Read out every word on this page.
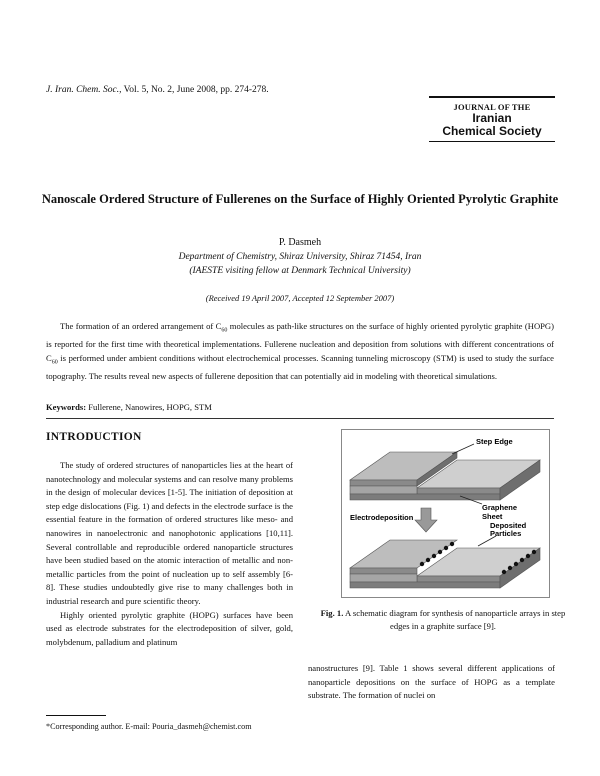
J. Iran. Chem. Soc., Vol. 5, No. 2, June 2008, pp. 274-278.
JOURNAL OF THE
Iranian
Chemical Society
Nanoscale Ordered Structure of Fullerenes on the Surface of Highly Oriented Pyrolytic Graphite
P. Dasmeh
Department of Chemistry, Shiraz University, Shiraz 71454, Iran
(IAESTE visiting fellow at Denmark Technical University)
(Received 19 April 2007, Accepted 12 September 2007)
The formation of an ordered arrangement of $C_{60}$ molecules as path-like structures on the surface of highly oriented pyrolytic graphite (HOPG) is reported for the first time with theoretical implementations. Fullerene nucleation and deposition from solutions with different concentrations of $C_{60}$ is performed under ambient conditions without electrochemical processes. Scanning tunneling microscopy (STM) is used to study the surface topography. The results reveal new aspects of fullerene deposition that can potentially aid in modeling with theoretical simulations.
Keywords: Fullerene, Nanowires, HOPG, STM
INTRODUCTION

The study of ordered structures of nanoparticles lies at the heart of nanotechnology and molecular systems and can resolve many problems in the design of molecular devices [1-5]. The initiation of deposition at step edge dislocations (Fig. 1) and defects in the electrode surface is the essential feature in the formation of ordered structures like meso- and nanowires in nanoelectronic and nanophotonic applications [10,11]. Several controllable and reproducible ordered nanoparticle structures have been studied based on the atomic interaction of metallic and non-metallic particles from the point of nucleation up to self assembly [6-8]. These studies undoubtedly give rise to many challenges both in industrial research and pure scientific theory.

Highly oriented pyrolytic graphite (HOPG) surfaces have been used as electrode substrates for the electrodeposition of silver, gold, molybdenum, palladium and platinum

Step Edge
Graphene
Sheet
Electrodeposition
Deposited
Particles
Fig. 1. A schematic diagram for synthesis of nanoparticle arrays in step edges in a graphite surface [9].
nanostructures [9]. Table 1 shows several different applications of nanoparticle depositions on the surface of HOPG as a template substrate. The formation of nuclei on
*Corresponding author. E-mail: Pouria_dasmeh@chemist.com
